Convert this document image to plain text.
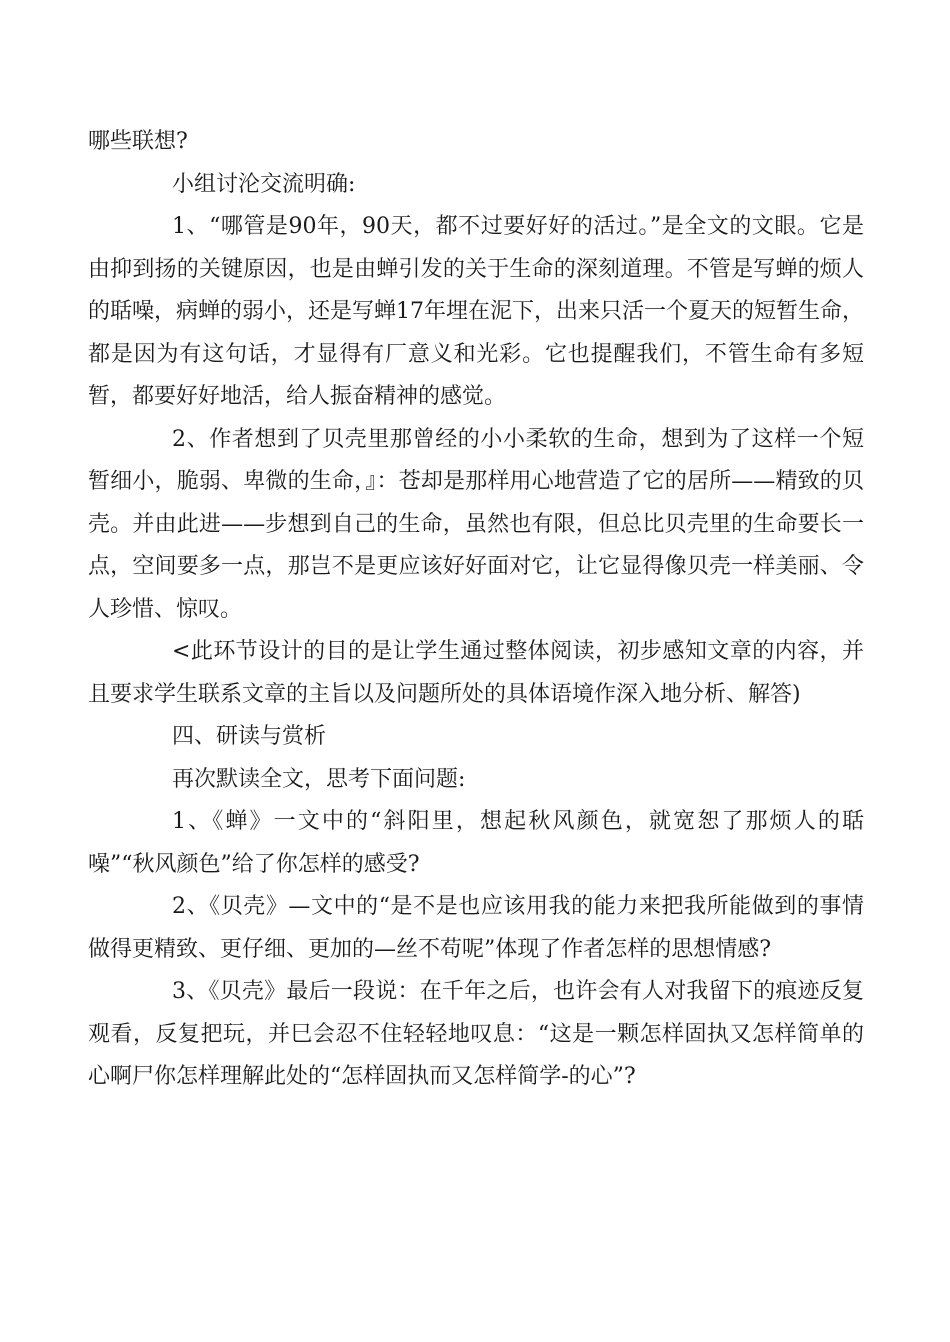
哪些联想?

小组讨沦交流明确:

1、“哪管是90年，90天，都不过要好好的活过。”是全文的文眼。它是由抑到扬的关键原因，也是由蝉引发的关于生命的深刻道理。不管是写蝉的烦人的聒噪，病蝉的弱小，还是写蝉17年埋在泥下，出来只活一个夏天的短暂生命，都是因为有这句话，才显得有厂意义和光彩。它也提醒我们，不管生命有多短暂，都要好好地活，给人振奋精神的感觉。

2、作者想到了贝壳里那曾经的小小柔软的生命，想到为了这样一个短暂细小，脆弱、卑微的生命，』：苍却是那样用心地营造了它的居所——精致的贝壳。并由此进——步想到自己的生命，虽然也有限，但总比贝壳里的生命要长一点，空间要多一点，那岂不是更应该好好面对它，让它显得像贝壳一样美丽、令人珍惜、惊叹。

<此环节设计的目的是让学生通过整体阅读，初步感知文章的内容，并且要求学生联系文章的主旨以及问题所处的具体语境作深入地分析、解答)

四、研读与赏析

再次默读全文，思考下面问题:

1、《蝉》一文中的“斜阳里，想起秋风颜色，就宽恕了那烦人的聒噪”“秋风颜色”给了你怎样的感受?

2、《贝壳》—文中的“是不是也应该用我的能力来把我所能做到的事情做得更精致、更仔细、更加的—丝不苟呢”体现了作者怎样的思想情感?

3、《贝壳》最后一段说：在千年之后，也许会有人对我留下的痕迹反复观看，反复把玩，并巳会忍不住轻轻地叹息：“这是一颗怎样固执又怎样简单的心啊尸你怎样理解此处的“怎样固执而又怎样简学-的心”?
